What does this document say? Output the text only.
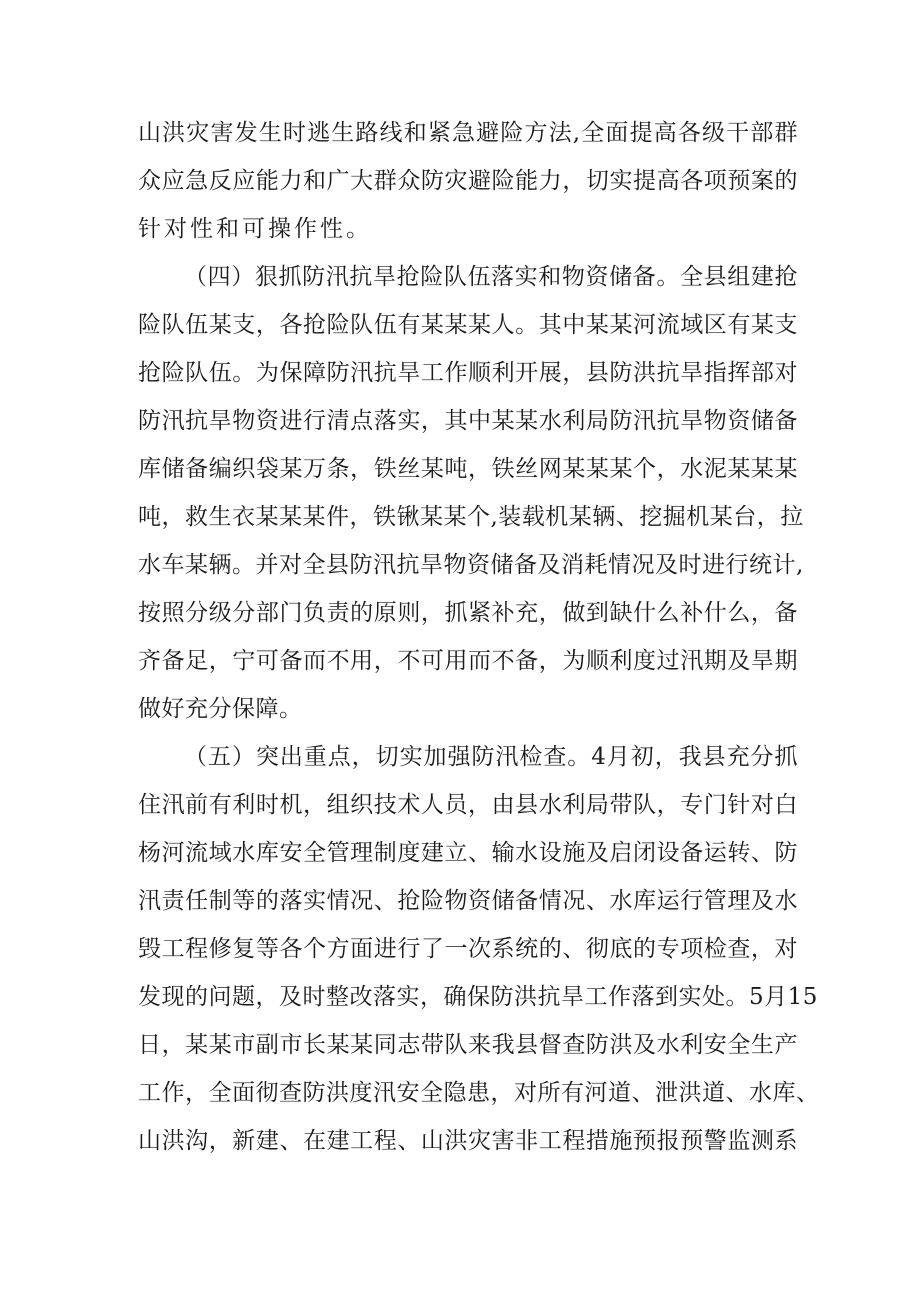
山洪灾害发生时逃生路线和紧急避险方法,全面提高各级干部群
众应急反应能力和广大群众防灾避险能力，切实提高各项预案的
针对性和可操作性。
（四）狠抓防汛抗旱抢险队伍落实和物资储备。全县组建抢
险队伍某支，各抢险队伍有某某某人。其中某某河流域区有某支
抢险队伍。为保障防汛抗旱工作顺利开展，县防洪抗旱指挥部对
防汛抗旱物资进行清点落实，其中某某水利局防汛抗旱物资储备
库储备编织袋某万条，铁丝某吨，铁丝网某某某个，水泥某某某
吨，救生衣某某某件，铁锹某某个,装载机某辆、挖掘机某台，拉
水车某辆。并对全县防汛抗旱物资储备及消耗情况及时进行统计,
按照分级分部门负责的原则，抓紧补充，做到缺什么补什么，备
齐备足，宁可备而不用，不可用而不备，为顺利度过汛期及旱期
做好充分保障。
（五）突出重点，切实加强防汛检查。4月初，我县充分抓
住汛前有利时机，组织技术人员，由县水利局带队，专门针对白
杨河流域水库安全管理制度建立、输水设施及启闭设备运转、防
汛责任制等的落实情况、抢险物资储备情况、水库运行管理及水
毁工程修复等各个方面进行了一次系统的、彻底的专项检查，对
发现的问题，及时整改落实，确保防洪抗旱工作落到实处。5月15
日，某某市副市长某某同志带队来我县督查防洪及水利安全生产
工作，全面彻查防洪度汛安全隐患，对所有河道、泄洪道、水库、
山洪沟，新建、在建工程、山洪灾害非工程措施预报预警监测系
